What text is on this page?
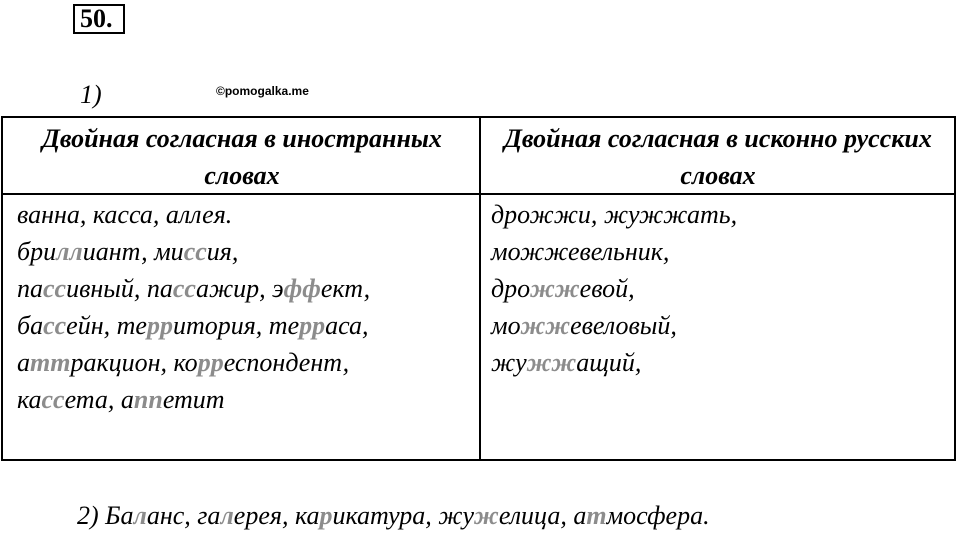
50.
1)	©pomogalka.me
Двойная согласная в иностранных словах
Двойная согласная в исконно русских словах
ванна, касса, аллея.
бриллиант, миссия,
пассивный, пассажир, эффект,
бассейн, территория, терраса,
аттракцион, корреспондент,
кассета, аппетит
дрожжи, жужжать,
можжевельник,
дрожжевой,
можжевеловый,
жужжащий,
2) Баланс, галерея, карикатура, жужелица, атмосфера.
